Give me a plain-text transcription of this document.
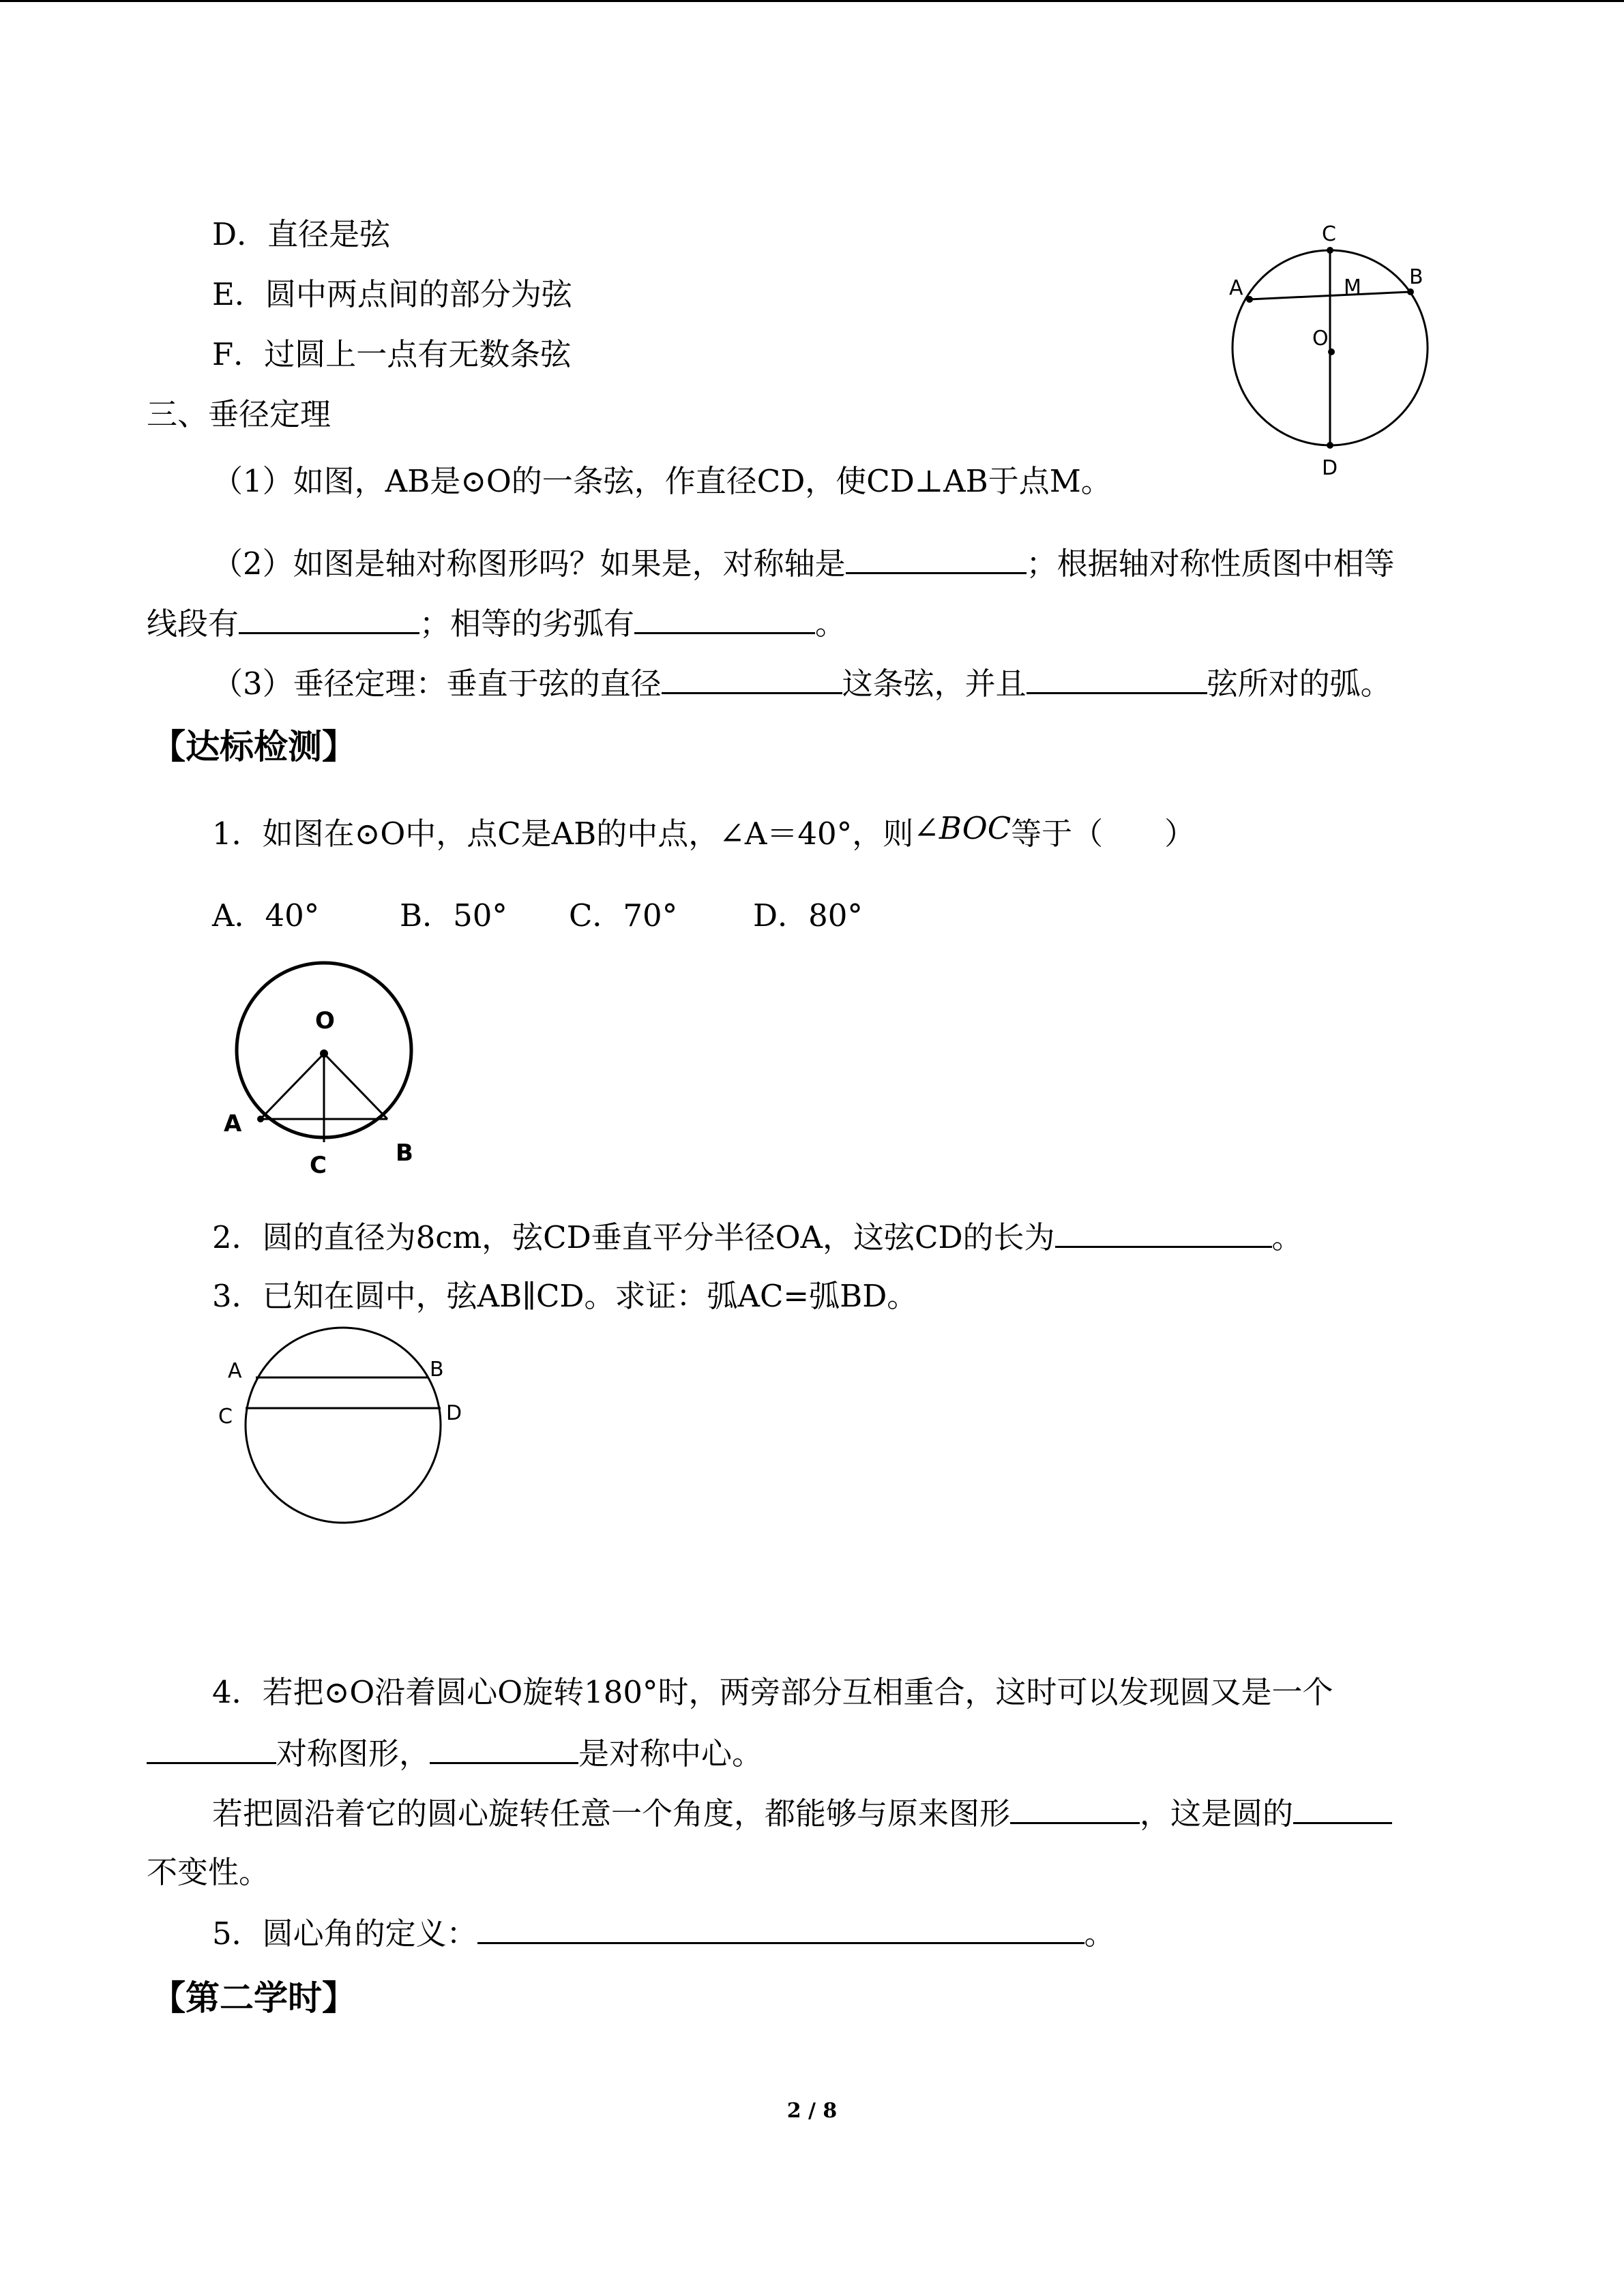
D．直径是弦
E．圆中两点间的部分为弦
F．过圆上一点有无数条弦
三、垂径定理
（1）如图，AB是⊙O的一条弦，作直径CD，使CD⊥AB于点M。
（2）如图是轴对称图形吗？如果是，对称轴是	；根据轴对称性质图中相等
线段有	；相等的劣弧有	。
（3）垂径定理：垂直于弦的直径	这条弦，并且	弦所对的弧。
C
A	M B
O
D
【达标检测】
1．如图在⊙O中，点C是AB的中点，∠A＝40°，则∠BOC等于（　　）
A．40°	B．50° C．70° D．80°
O
A
C	B
2．圆的直径为8cm，弦CD垂直平分半径OA，这弦CD的长为	。
3．已知在圆中，弦AB∥CD。求证：弧AC=弧BD。
A	B
C	D
4．若把⊙O沿着圆心O旋转180°时，两旁部分互相重合，这时可以发现圆又是一个
对称图形，	是对称中心。
若把圆沿着它的圆心旋转任意一个角度，都能够与原来图形	，这是圆的
不变性。
5．圆心角的定义：	。
【第二学时】
2 / 8
